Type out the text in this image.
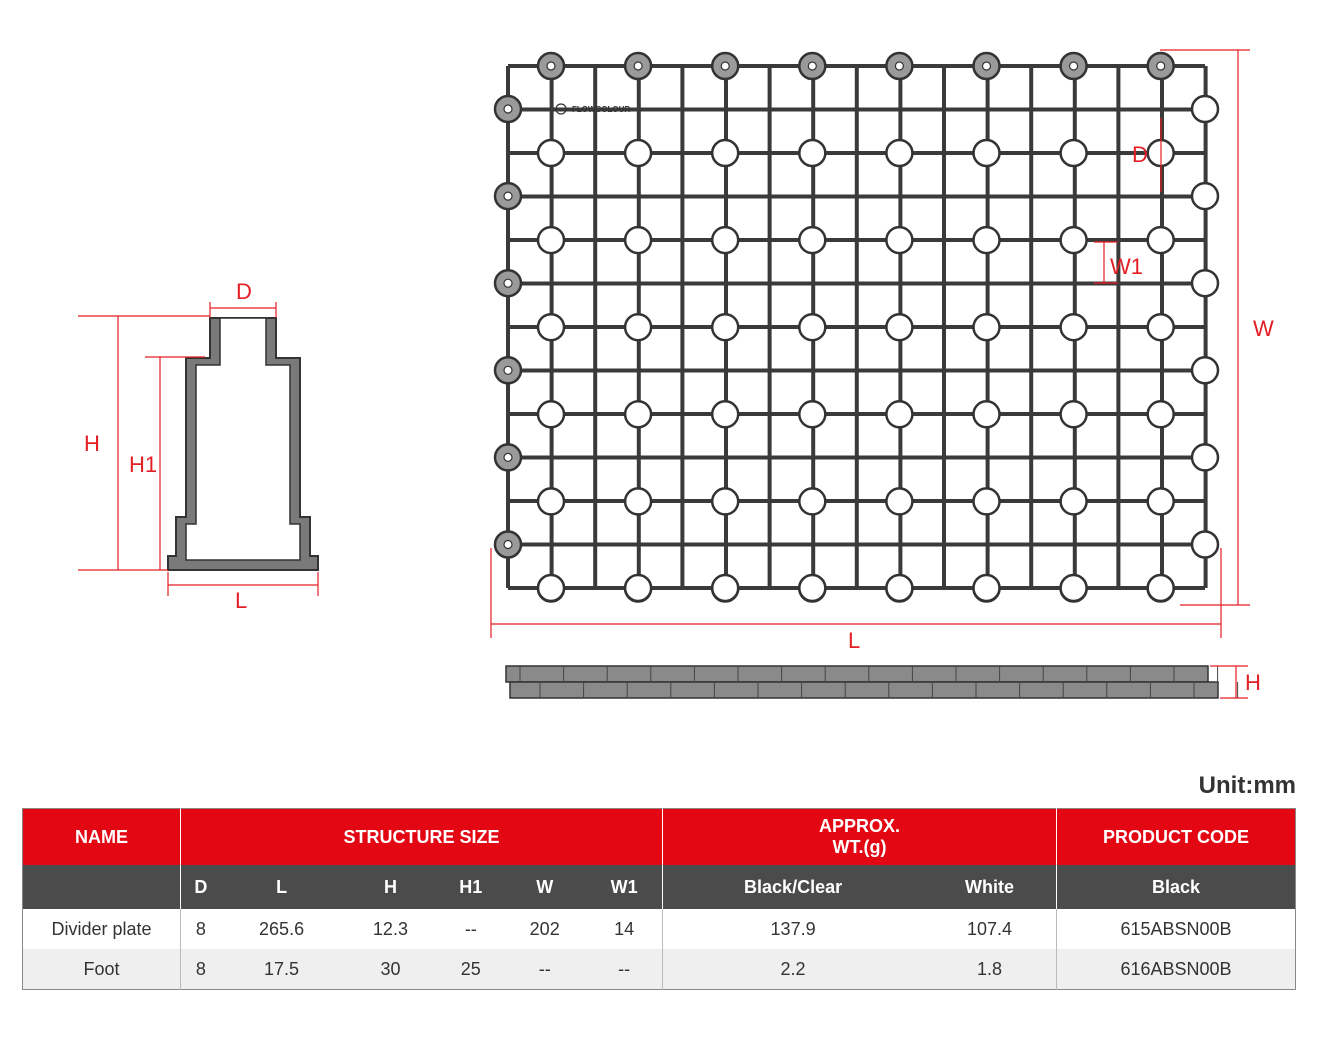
D
H
H1
L
FLOWCOLOUR
D
W1
W
L
H
Unit:mm
NAME	STRUCTURE SIZE						APPROX.
WT.(g)		PRODUCT CODE
	D	L	H	H1	W	W1	Black/Clear	White	Black
Divider plate	8	265.6	12.3	--	202	14	137.9	107.4	615ABSN00B
Foot	8	17.5	30	25	--	--	2.2	1.8	616ABSN00B
